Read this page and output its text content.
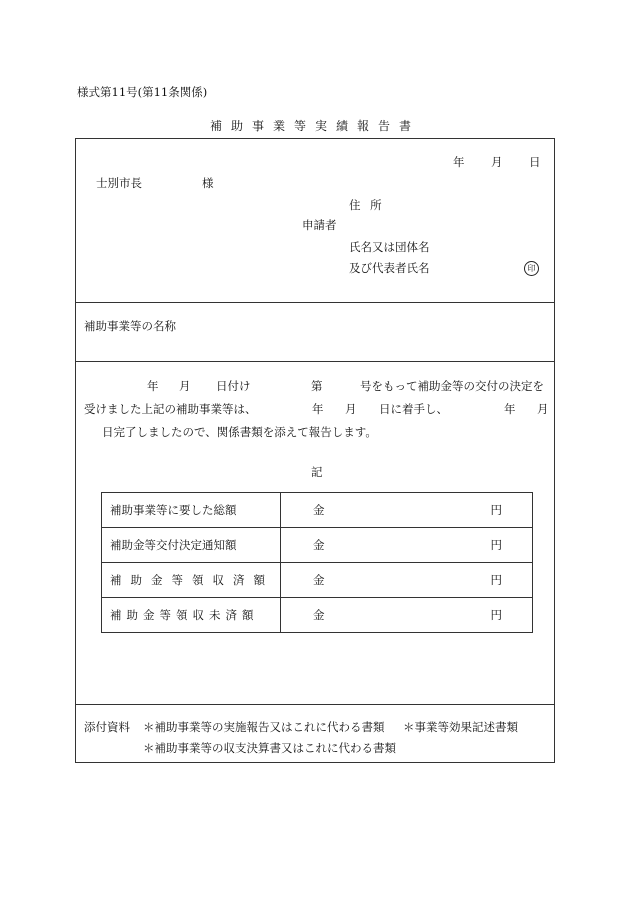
様式第11号(第11条関係)
補助事業等実績報告書
年 月 日
士別市長	様
住 所
申請者
氏名又は団体名
及び代表者氏名	印
補助事業等の名称
年 月 日付け	第	号をもって補助金等の交付の決定を
受けました上記の補助事業等は、	年 月 日に着手し、	年 月
日完了しましたので、関係書類を添えて報告します。
記
補助事業等に要した総額	金 円

補助金等交付決定通知額	金 円

補助金等領収済額	金 円

補助金等領収未済額	金 円
添付資料 ＊補助事業等の実施報告又はこれに代わる書類 ＊事業等効果記述書類
＊補助事業等の収支決算書又はこれに代わる書類
